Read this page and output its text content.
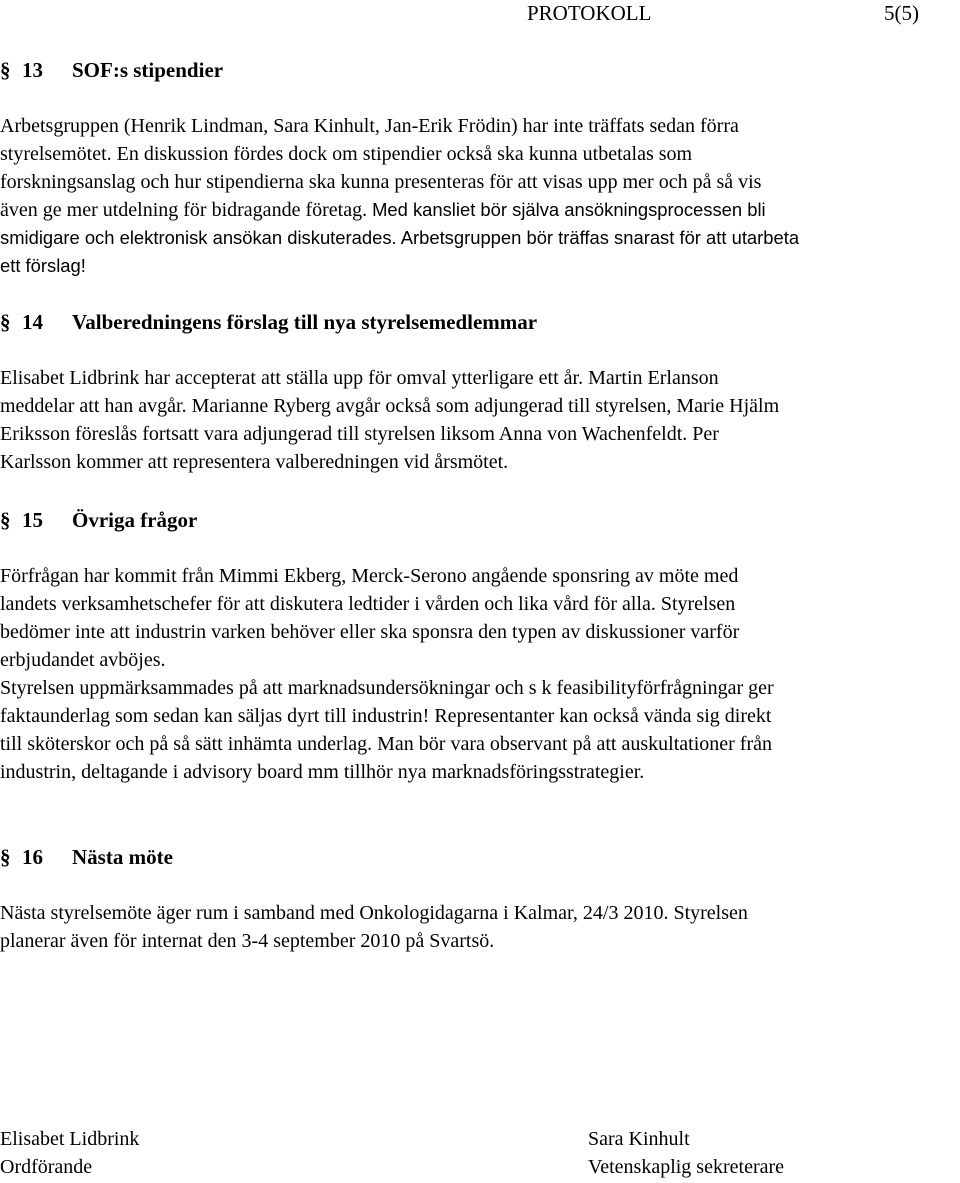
PROTOKOLL	5(5)
§ 13 SOF:s stipendier
Arbetsgruppen (Henrik Lindman, Sara Kinhult, Jan-Erik Frödin) har inte träffats sedan förra
styrelsemötet. En diskussion fördes dock om stipendier också ska kunna utbetalas som
forskningsanslag och hur stipendierna ska kunna presenteras för att visas upp mer och på så vis
även ge mer utdelning för bidragande företag. Med kansliet bör själva ansökningsprocessen bli
smidigare och elektronisk ansökan diskuterades. Arbetsgruppen bör träffas snarast för att utarbeta
ett förslag!
§ 14 Valberedningens förslag till nya styrelsemedlemmar
Elisabet Lidbrink har accepterat att ställa upp för omval ytterligare ett år. Martin Erlanson
meddelar att han avgår. Marianne Ryberg avgår också som adjungerad till styrelsen, Marie Hjälm
Eriksson föreslås fortsatt vara adjungerad till styrelsen liksom Anna von Wachenfeldt. Per
Karlsson kommer att representera valberedningen vid årsmötet.
§ 15 Övriga frågor
Förfrågan har kommit från Mimmi Ekberg, Merck-Serono angående sponsring av möte med
landets verksamhetschefer för att diskutera ledtider i vården och lika vård för alla. Styrelsen
bedömer inte att industrin varken behöver eller ska sponsra den typen av diskussioner varför
erbjudandet avböjes.
Styrelsen uppmärksammades på att marknadsundersökningar och s k feasibilityförfrågningar ger
faktaunderlag som sedan kan säljas dyrt till industrin! Representanter kan också vända sig direkt
till sköterskor och på så sätt inhämta underlag. Man bör vara observant på att auskultationer från
industrin, deltagande i advisory board mm tillhör nya marknadsföringsstrategier.
§ 16 Nästa möte
Nästa styrelsemöte äger rum i samband med Onkologidagarna i Kalmar, 24/3 2010. Styrelsen
planerar även för internat den 3-4 september 2010 på Svartsö.
Elisabet Lidbrink
Ordförande
Sara Kinhult
Vetenskaplig sekreterare
